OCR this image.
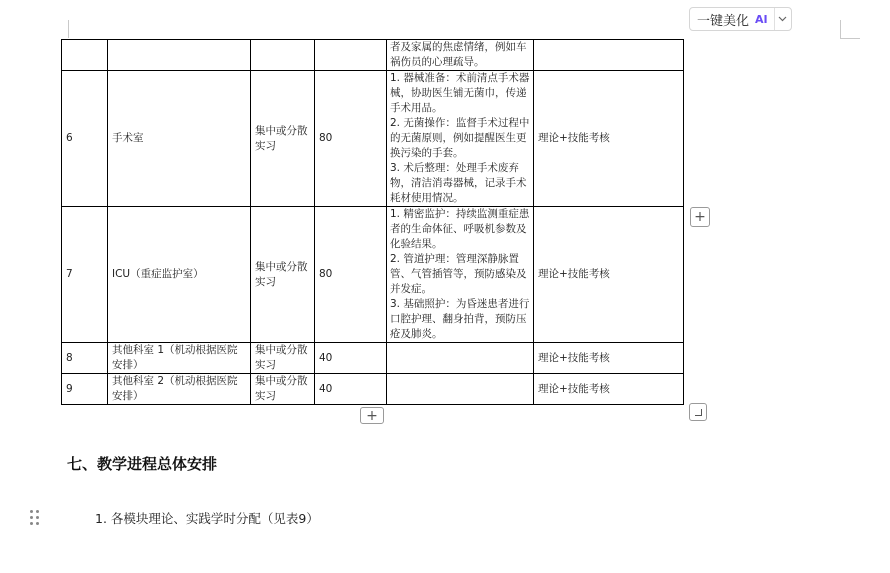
一键美化 AI

				者及家属的焦虑情绪，例如车祸伤员的心理疏导。	

6	手术室	集中或分散实习	80	1. 器械准备：术前清点手术器械，协助医生铺无菌巾，传递手术用品。
2. 无菌操作：监督手术过程中的无菌原则，例如提醒医生更换污染的手套。
3. 术后整理：处理手术废弃物，清洁消毒器械，记录手术耗材使用情况。	理论+技能考核
7	ICU（重症监护室）	集中或分散实习	80	1. 精密监护：持续监测重症患者的生命体征、呼吸机参数及化验结果。
2. 管道护理：管理深静脉置管、气管插管等，预防感染及并发症。
3. 基础照护：为昏迷患者进行口腔护理、翻身拍背，预防压疮及肺炎。	理论+技能考核
8	其他科室 1（机动根据医院安排）	集中或分散实习	40		理论+技能考核
9	其他科室 2（机动根据医院安排）	集中或分散实习	40		理论+技能考核
+
+
七、教学进程总体安排
1. 各模块理论、实践学时分配（见表9）
